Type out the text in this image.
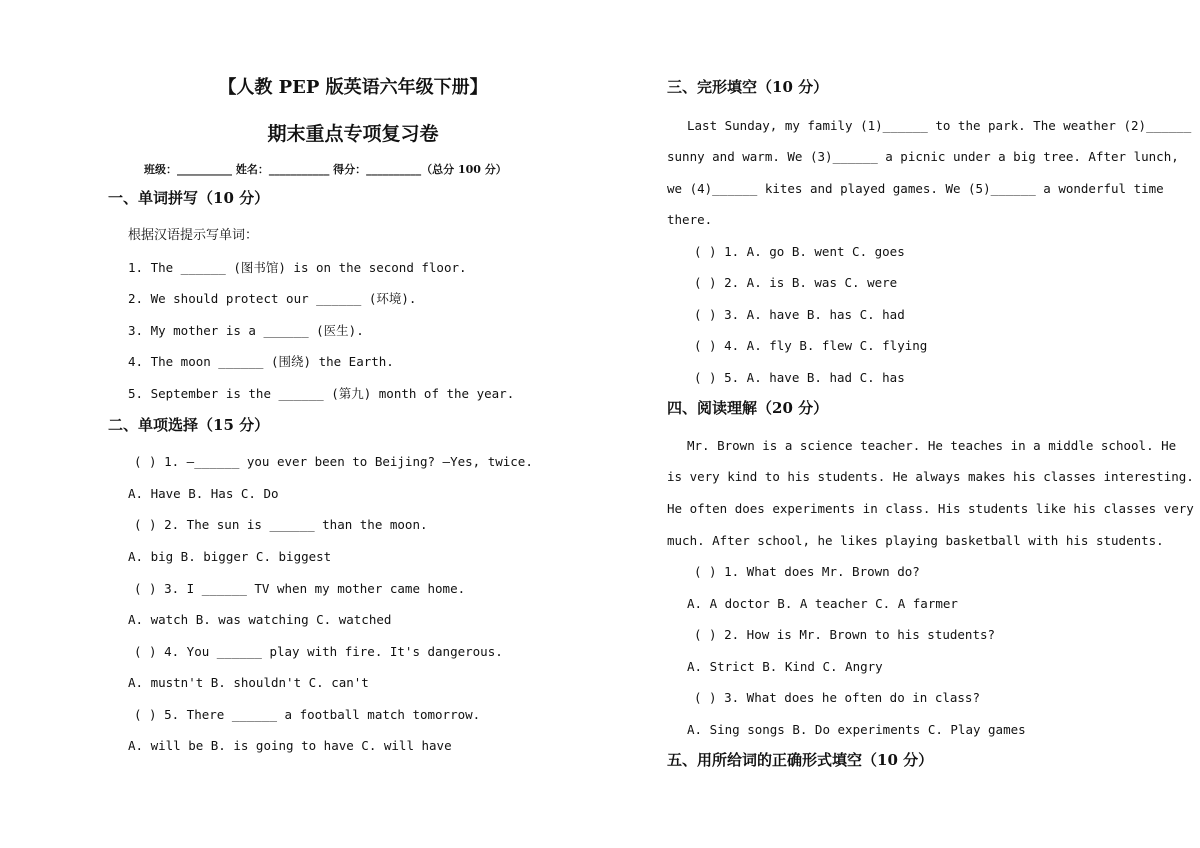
【人教 PEP 版英语六年级下册】
期末重点专项复习卷
班级：__________ 姓名：___________ 得分：__________（总分 100 分）
一、单词拼写（10 分）
根据汉语提示写单词：
1. The ______ (图书馆) is on the second floor.
2. We should protect our ______ (环境).
3. My mother is a ______ (医生).
4. The moon ______ (围绕) the Earth.
5. September is the ______ (第九) month of the year.
二、单项选择（15 分）
( ) 1. —______ you ever been to Beijing? —Yes, twice.
A. Have B. Has C. Do
( ) 2. The sun is ______ than the moon.
A. big B. bigger C. biggest
( ) 3. I ______ TV when my mother came home.
A. watch B. was watching C. watched
( ) 4. You ______ play with fire. It's dangerous.
A. mustn't B. shouldn't C. can't
( ) 5. There ______ a football match tomorrow.
A. will be B. is going to have C. will have
三、完形填空（10 分）
Last Sunday, my family (1)______ to the park. The weather (2)______
sunny and warm. We (3)______ a picnic under a big tree. After lunch,
we (4)______ kites and played games. We (5)______ a wonderful time
there.
( ) 1. A. go B. went C. goes
( ) 2. A. is B. was C. were
( ) 3. A. have B. has C. had
( ) 4. A. fly B. flew C. flying
( ) 5. A. have B. had C. has
四、阅读理解（20 分）
Mr. Brown is a science teacher. He teaches in a middle school. He
is very kind to his students. He always makes his classes interesting.
He often does experiments in class. His students like his classes very
much. After school, he likes playing basketball with his students.
( ) 1. What does Mr. Brown do?
A. A doctor B. A teacher C. A farmer
( ) 2. How is Mr. Brown to his students?
A. Strict B. Kind C. Angry
( ) 3. What does he often do in class?
A. Sing songs B. Do experiments C. Play games
五、用所给词的正确形式填空（10 分）
